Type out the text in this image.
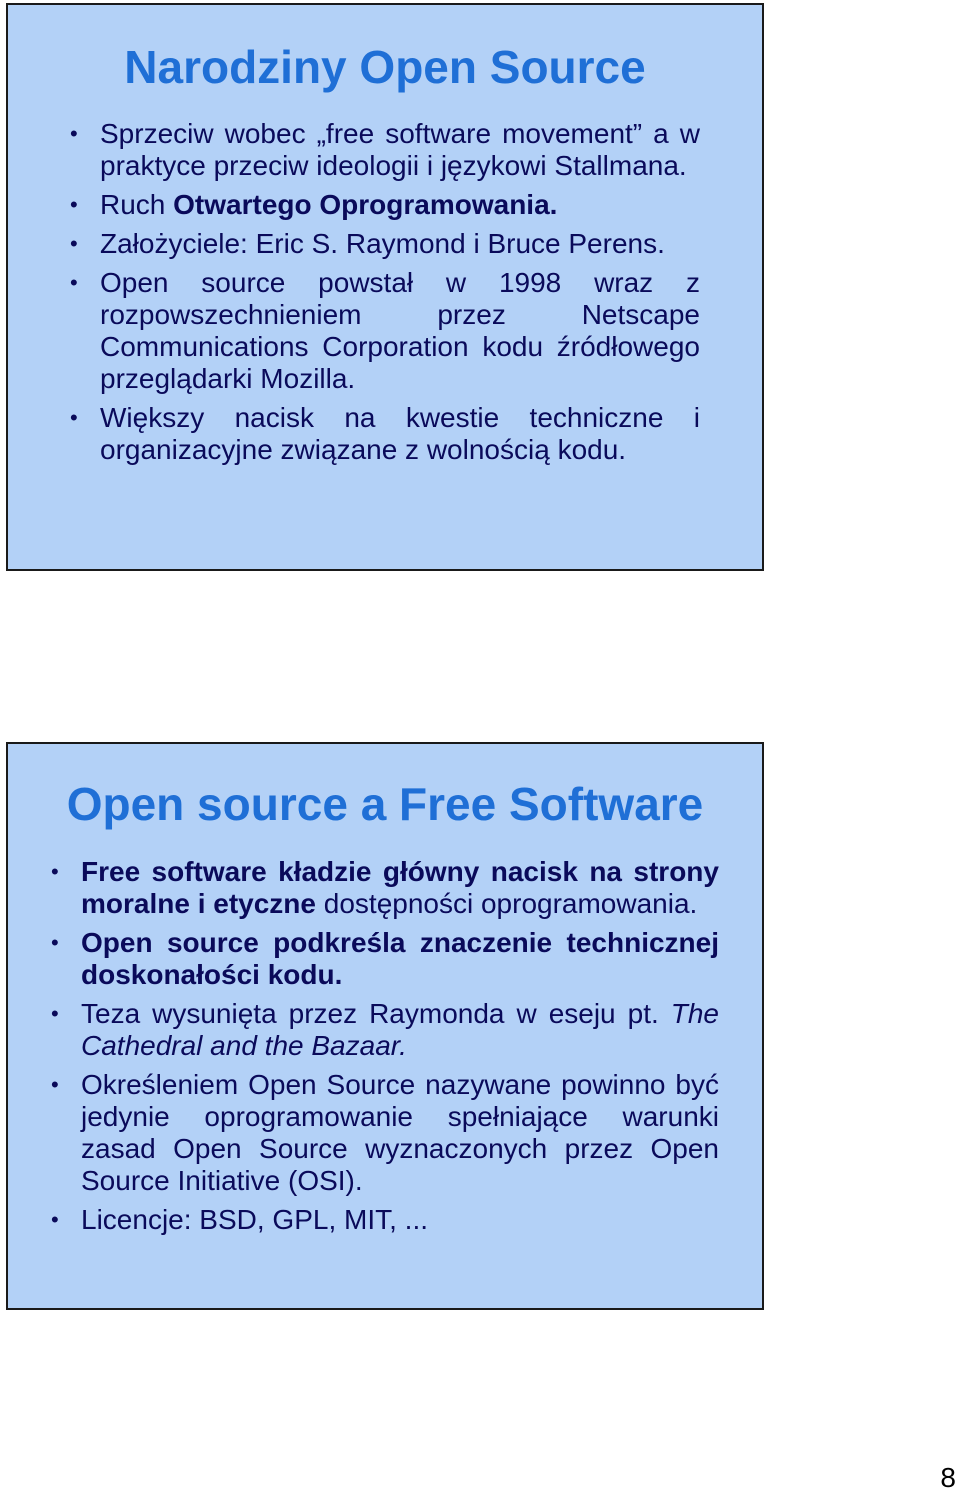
Narodziny Open Source
• Sprzeciw wobec „free software movement” a w praktyce przeciw ideologii i językowi Stallmana.
• Ruch Otwartego Oprogramowania.
• Założyciele: Eric S. Raymond i Bruce Perens.
• Open source powstał w 1998 wraz z rozpowszechnieniem przez Netscape Communications Corporation kodu źródłowego przeglądarki Mozilla.
• Większy nacisk na kwestie techniczne i organizacyjne związane z wolnością kodu.
Open source a Free Software
• Free software kładzie główny nacisk na strony moralne i etyczne dostępności oprogramowania.
• Open source podkreśla znaczenie technicznej doskonałości kodu.
• Teza wysunięta przez Raymonda w eseju pt. The Cathedral and the Bazaar.
• Określeniem Open Source nazywane powinno być jedynie oprogramowanie spełniające warunki zasad Open Source wyznaczonych przez Open Source Initiative (OSI).
• Licencje: BSD, GPL, MIT, ...
8
